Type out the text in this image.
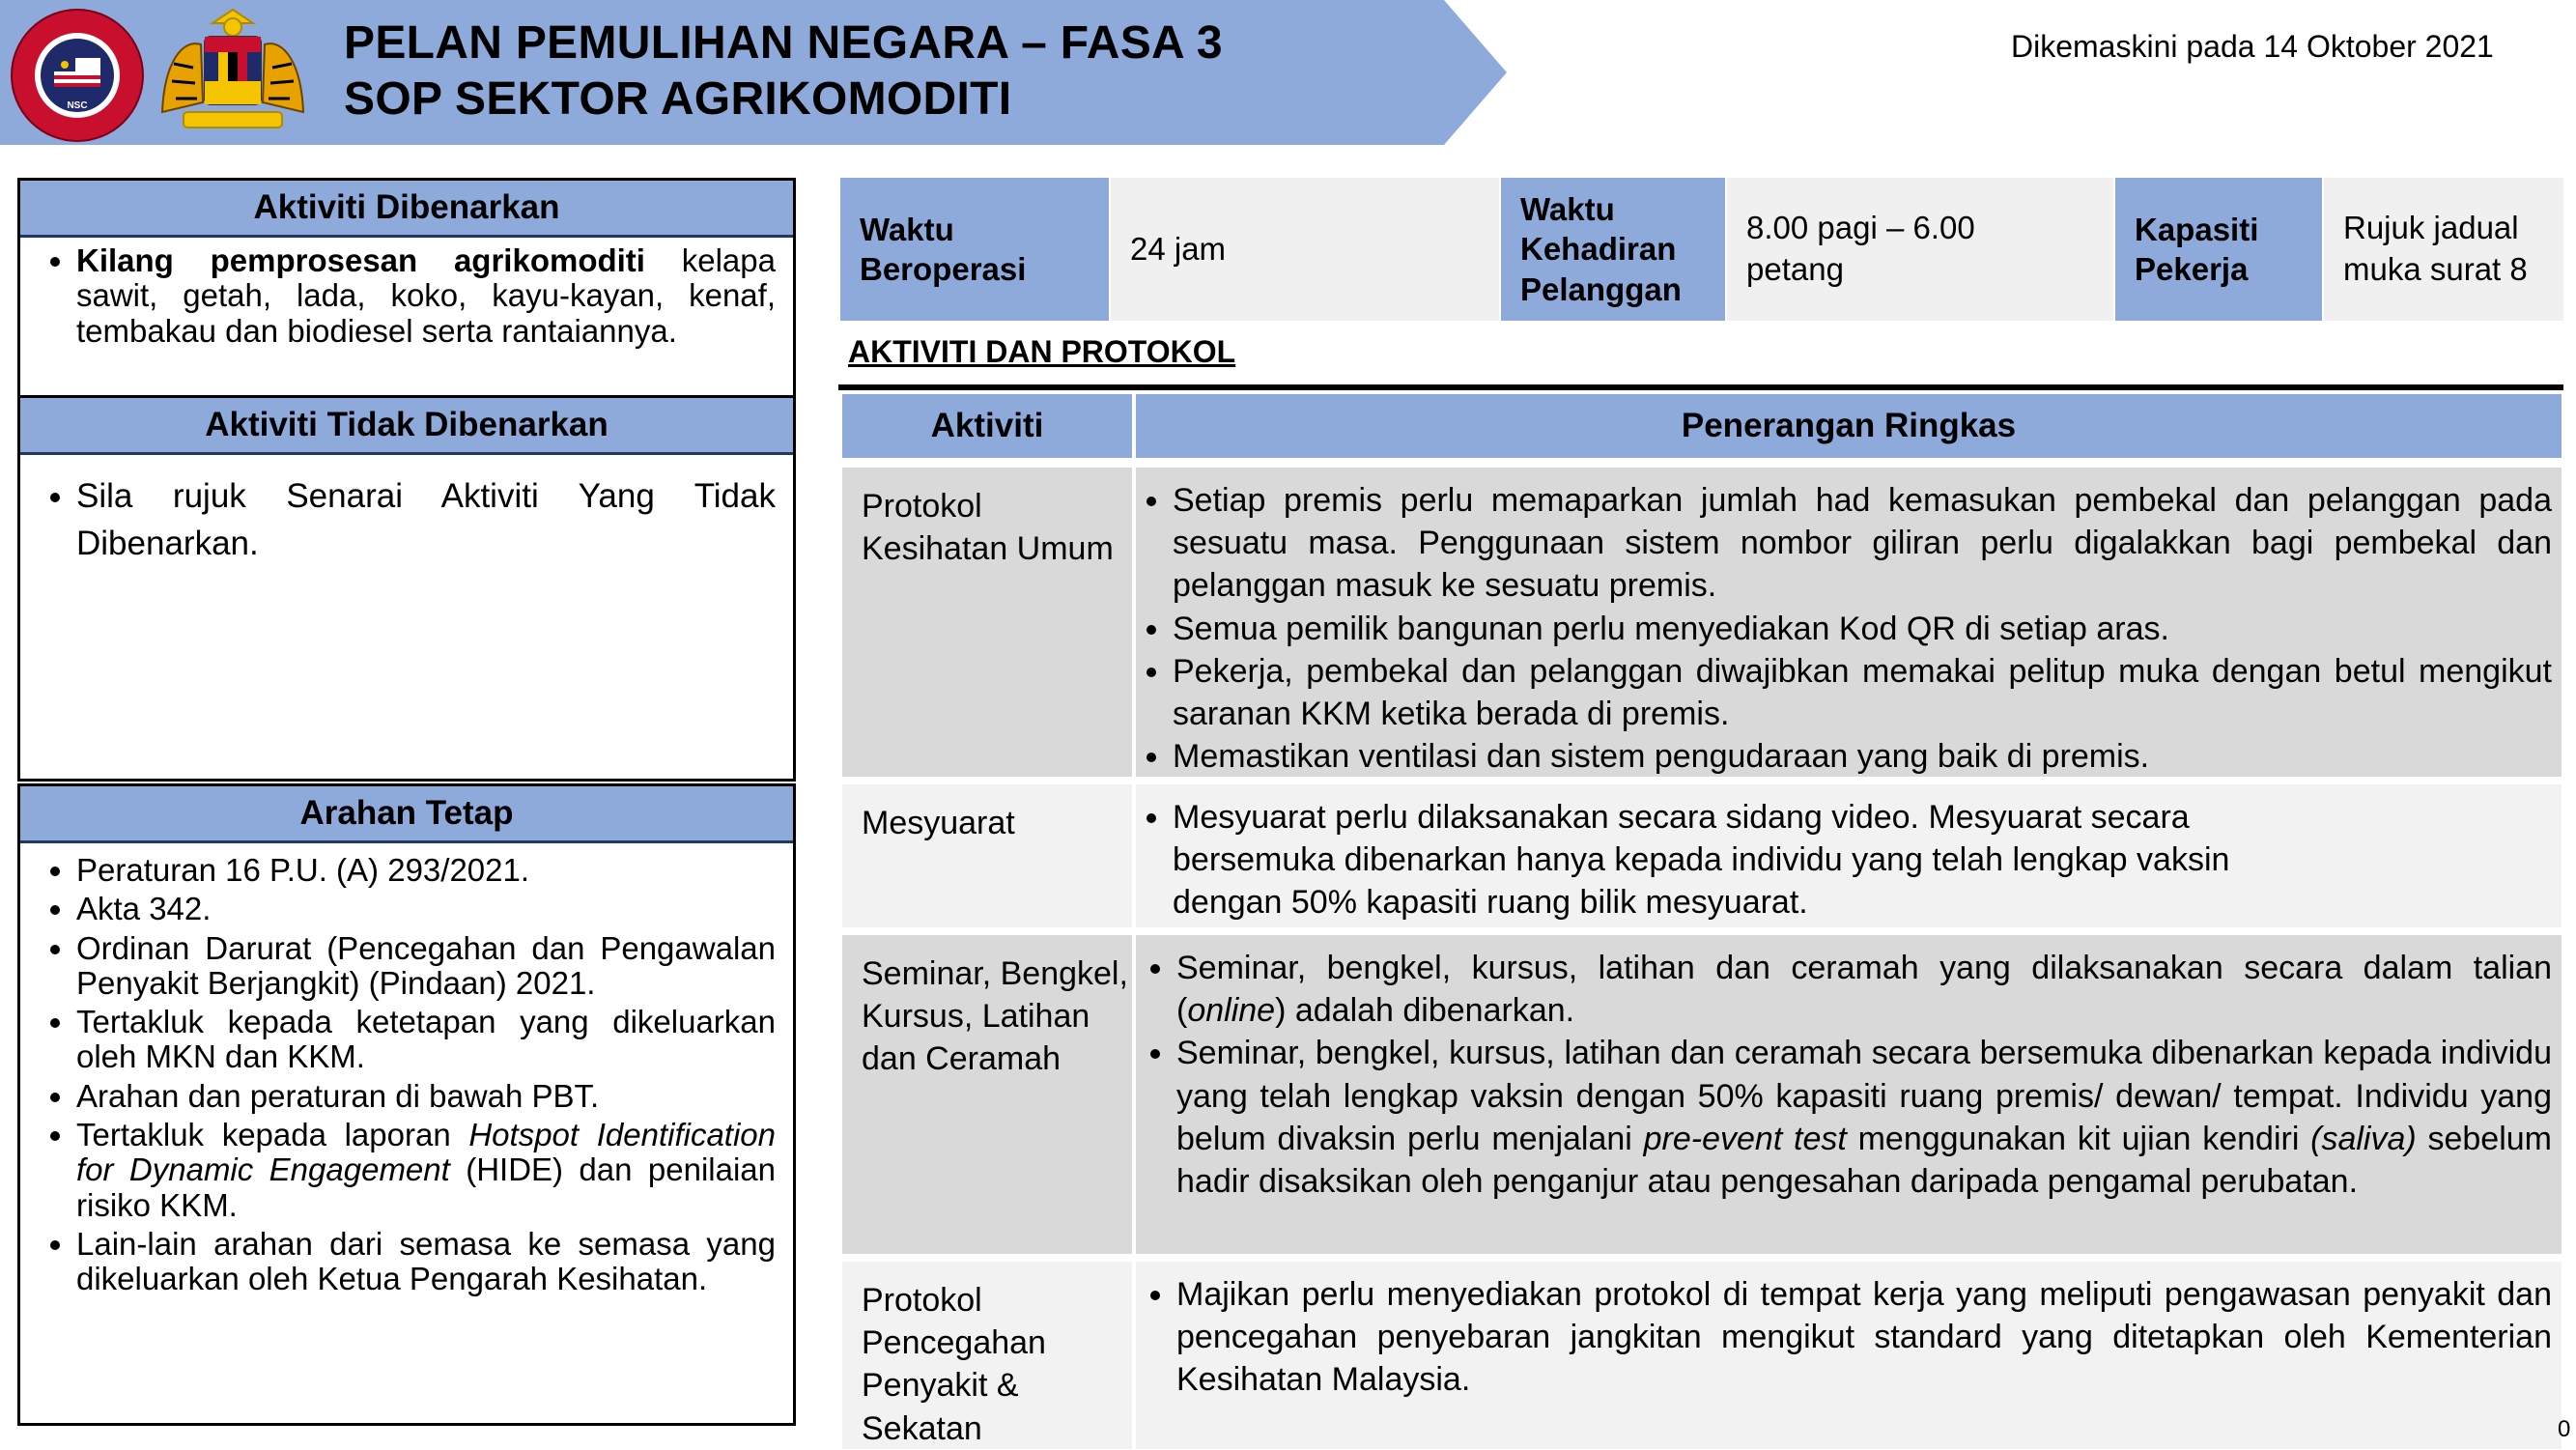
NSC
PELAN PEMULIHAN NEGARA – FASA 3
SOP SEKTOR AGRIKOMODITI
Dikemaskini pada 14 Oktober 2021
Aktiviti Dibenarkan
• Kilang pemprosesan agrikomoditi kelapa sawit, getah, lada, koko, kayu-kayan, kenaf, tembakau dan biodiesel serta rantaiannya.
Aktiviti Tidak Dibenarkan
• Sila rujuk Senarai Aktiviti Yang Tidak Dibenarkan.
Arahan Tetap
• Peraturan 16 P.U. (A) 293/2021.
• Akta 342.
• Ordinan Darurat (Pencegahan dan Pengawalan Penyakit Berjangkit) (Pindaan) 2021.
• Tertakluk kepada ketetapan yang dikeluarkan oleh MKN dan KKM.
• Arahan dan peraturan di bawah PBT.
• Tertakluk kepada laporan Hotspot Identification for Dynamic Engagement (HIDE) dan penilaian risiko KKM.
• Lain-lain arahan dari semasa ke semasa yang dikeluarkan oleh Ketua Pengarah Kesihatan.
Waktu Beroperasi
24 jam
Waktu Kehadiran Pelanggan
8.00 pagi – 6.00 petang
Kapasiti Pekerja
Rujuk jadual muka surat 8
AKTIVITI DAN PROTOKOL
Aktiviti	Penerangan Ringkas
Protokol Kesihatan Umum
• Setiap premis perlu memaparkan jumlah had kemasukan pembekal dan pelanggan pada sesuatu masa. Penggunaan sistem nombor giliran perlu digalakkan bagi pembekal dan pelanggan masuk ke sesuatu premis.
• Semua pemilik bangunan perlu menyediakan Kod QR di setiap aras.
• Pekerja, pembekal dan pelanggan diwajibkan memakai pelitup muka dengan betul mengikut saranan KKM ketika berada di premis.
• Memastikan ventilasi dan sistem pengudaraan yang baik di premis.
Mesyuarat
•	Mesyuarat perlu dilaksanakan secara sidang video. Mesyuarat secara bersemuka dibenarkan hanya kepada individu yang telah lengkap vaksin dengan 50% kapasiti ruang bilik mesyuarat.
Seminar, Bengkel, Kursus, Latihan dan Ceramah
• Seminar, bengkel, kursus, latihan dan ceramah yang dilaksanakan secara dalam talian (online) adalah dibenarkan.
• Seminar, bengkel, kursus, latihan dan ceramah secara bersemuka dibenarkan kepada individu yang telah lengkap vaksin dengan 50% kapasiti ruang premis/ dewan/ tempat. Individu yang belum divaksin perlu menjalani pre-event test menggunakan kit ujian kendiri (saliva) sebelum hadir disaksikan oleh penganjur atau pengesahan daripada pengamal perubatan.
Protokol Pencegahan Penyakit & Sekatan
• Majikan perlu menyediakan protokol di tempat kerja yang meliputi pengawasan penyakit dan pencegahan penyebaran jangkitan mengikut standard yang ditetapkan oleh Kementerian Kesihatan Malaysia.
0
